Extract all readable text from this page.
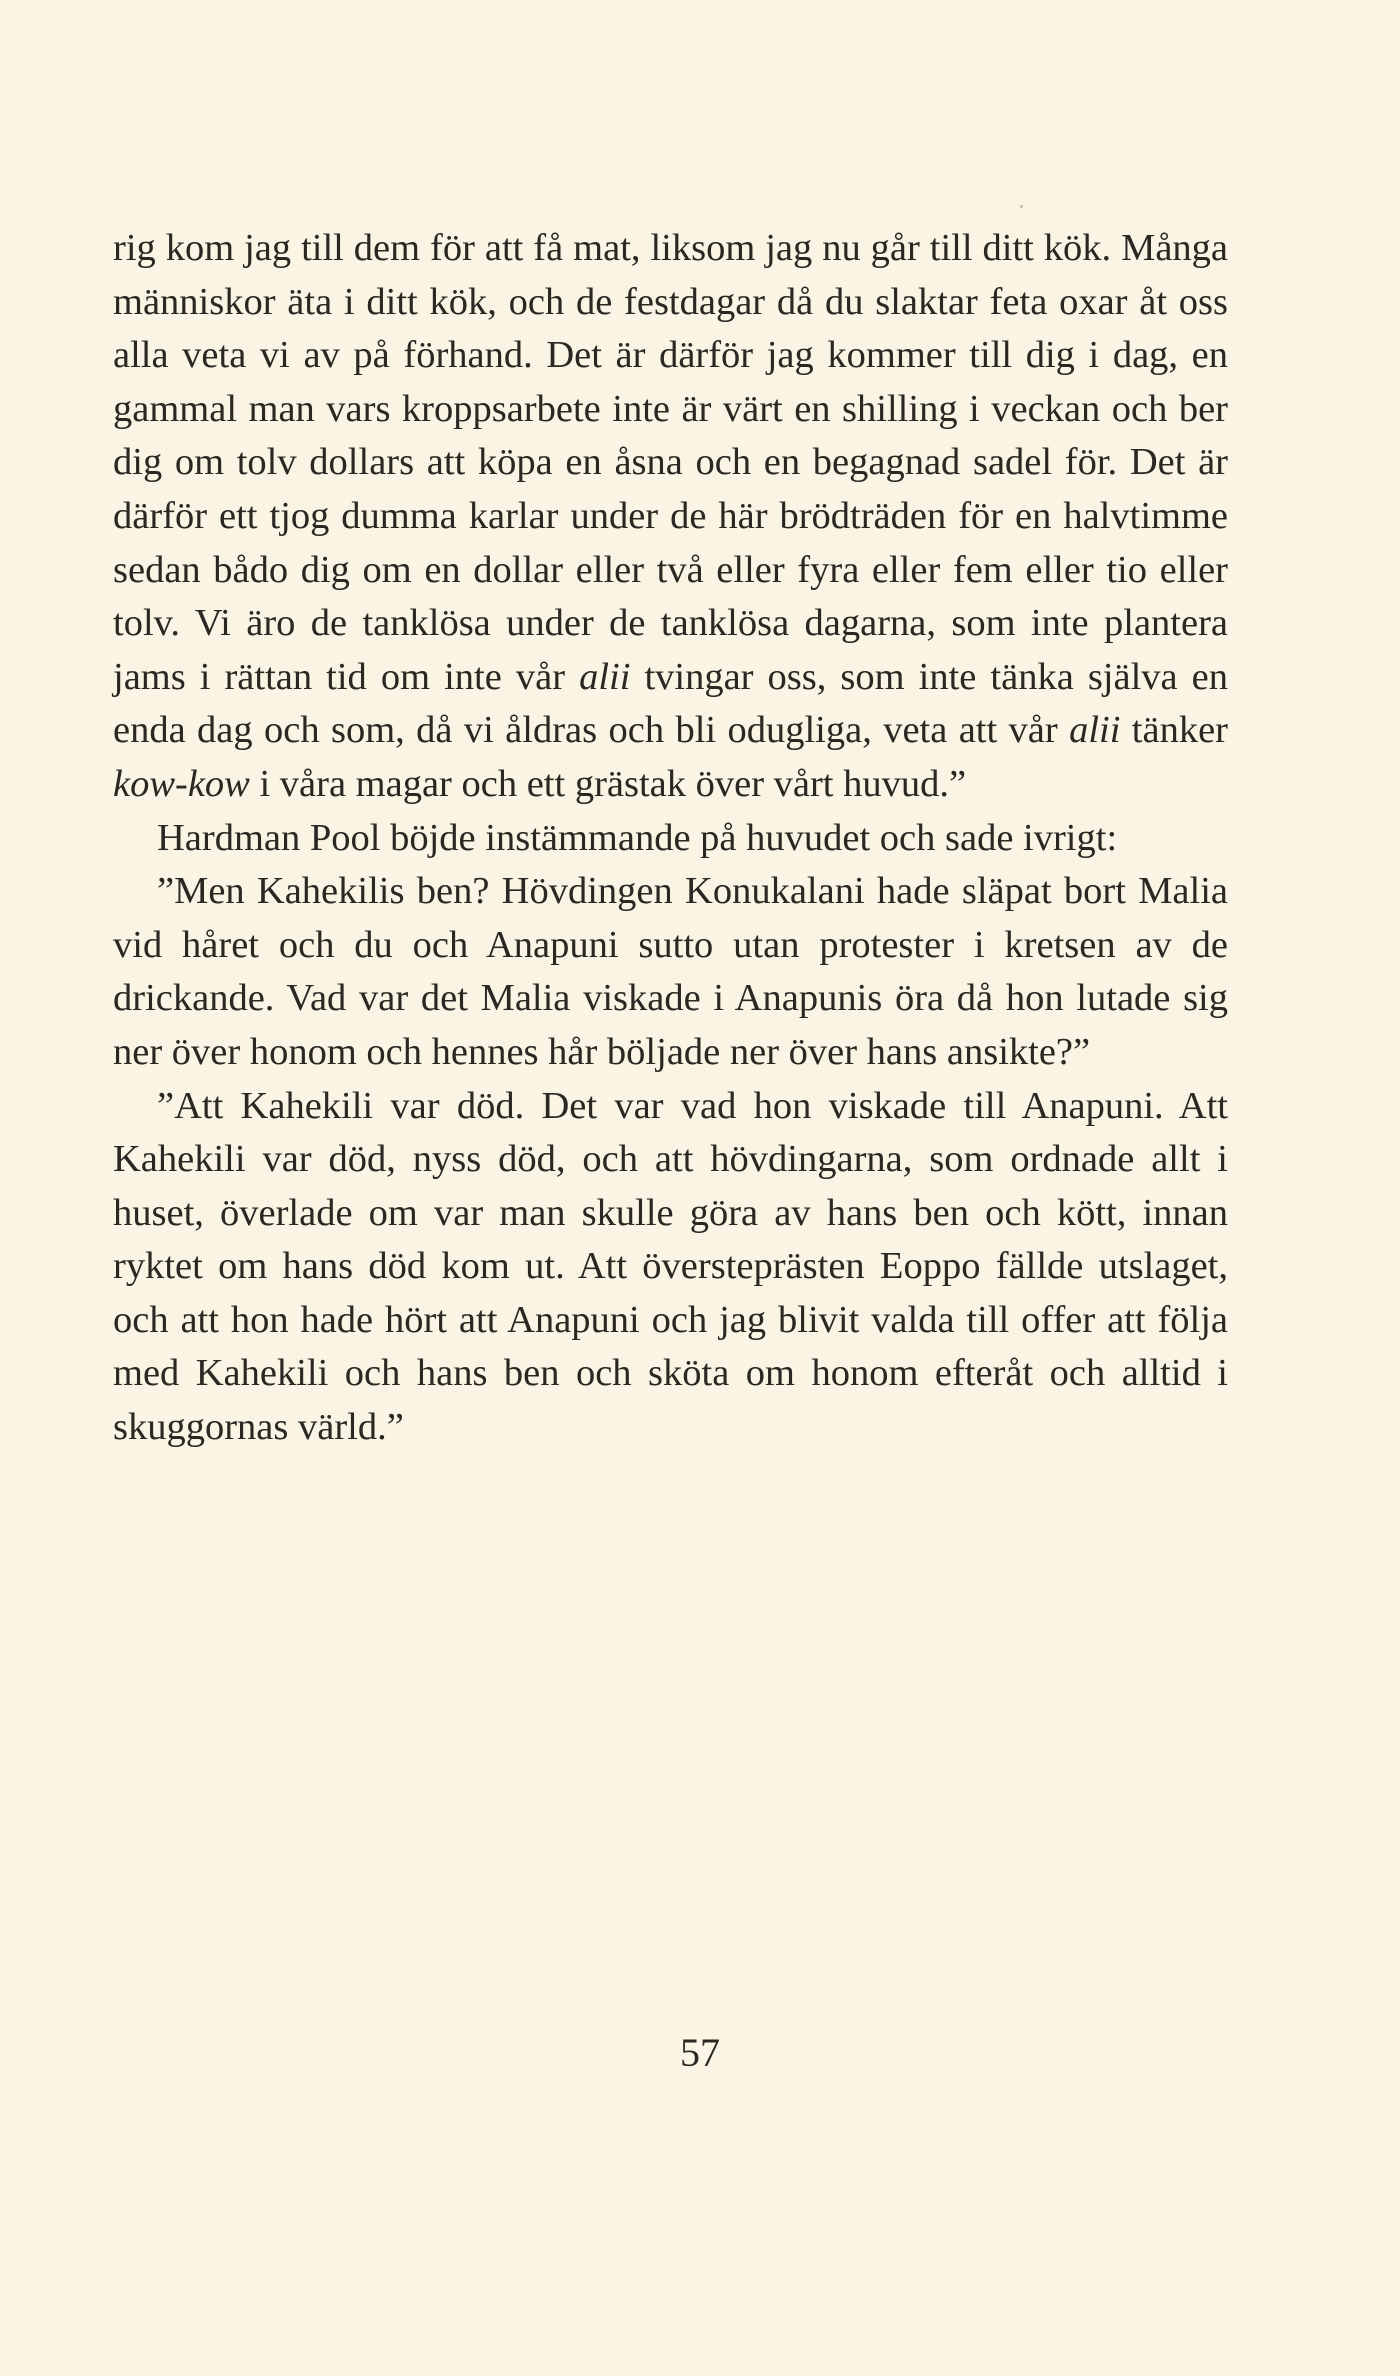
rig kom jag till dem för att få mat, liksom jag nu går till ditt kök. Många människor äta i ditt kök, och de festdagar då du slaktar feta oxar åt oss alla veta vi av på förhand. Det är därför jag kommer till dig i dag, en gammal man vars kroppsarbete inte är värt en shilling i veckan och ber dig om tolv dollars att köpa en åsna och en begagnad sadel för. Det är därför ett tjog dumma karlar under de här brödträden för en halvtimme sedan bådo dig om en dollar eller två eller fyra eller fem eller tio eller tolv. Vi äro de tanklösa under de tanklösa dagarna, som inte plantera jams i rättan tid om inte vår alii tvingar oss, som inte tänka själva en enda dag och som, då vi åldras och bli odugliga, veta att vår alii tänker kow-kow i våra magar och ett grästak över vårt huvud.”

Hardman Pool böjde instämmande på huvudet och sade ivrigt:

”Men Kahekilis ben? Hövdingen Konukalani hade släpat bort Malia vid håret och du och Anapuni sutto utan protester i kretsen av de drickande. Vad var det Malia viskade i Anapunis öra då hon lutade sig ner över honom och hennes hår böljade ner över hans ansikte?”

”Att Kahekili var död. Det var vad hon viskade till Anapuni. Att Kahekili var död, nyss död, och att hövdingarna, som ordnade allt i huset, överlade om var man skulle göra av hans ben och kött, innan ryktet om hans död kom ut. Att översteprästen Eoppo fällde utslaget, och att hon hade hört att Anapuni och jag blivit valda till offer att följa med Kahekili och hans ben och sköta om honom efteråt och alltid i skuggornas värld.”

57
